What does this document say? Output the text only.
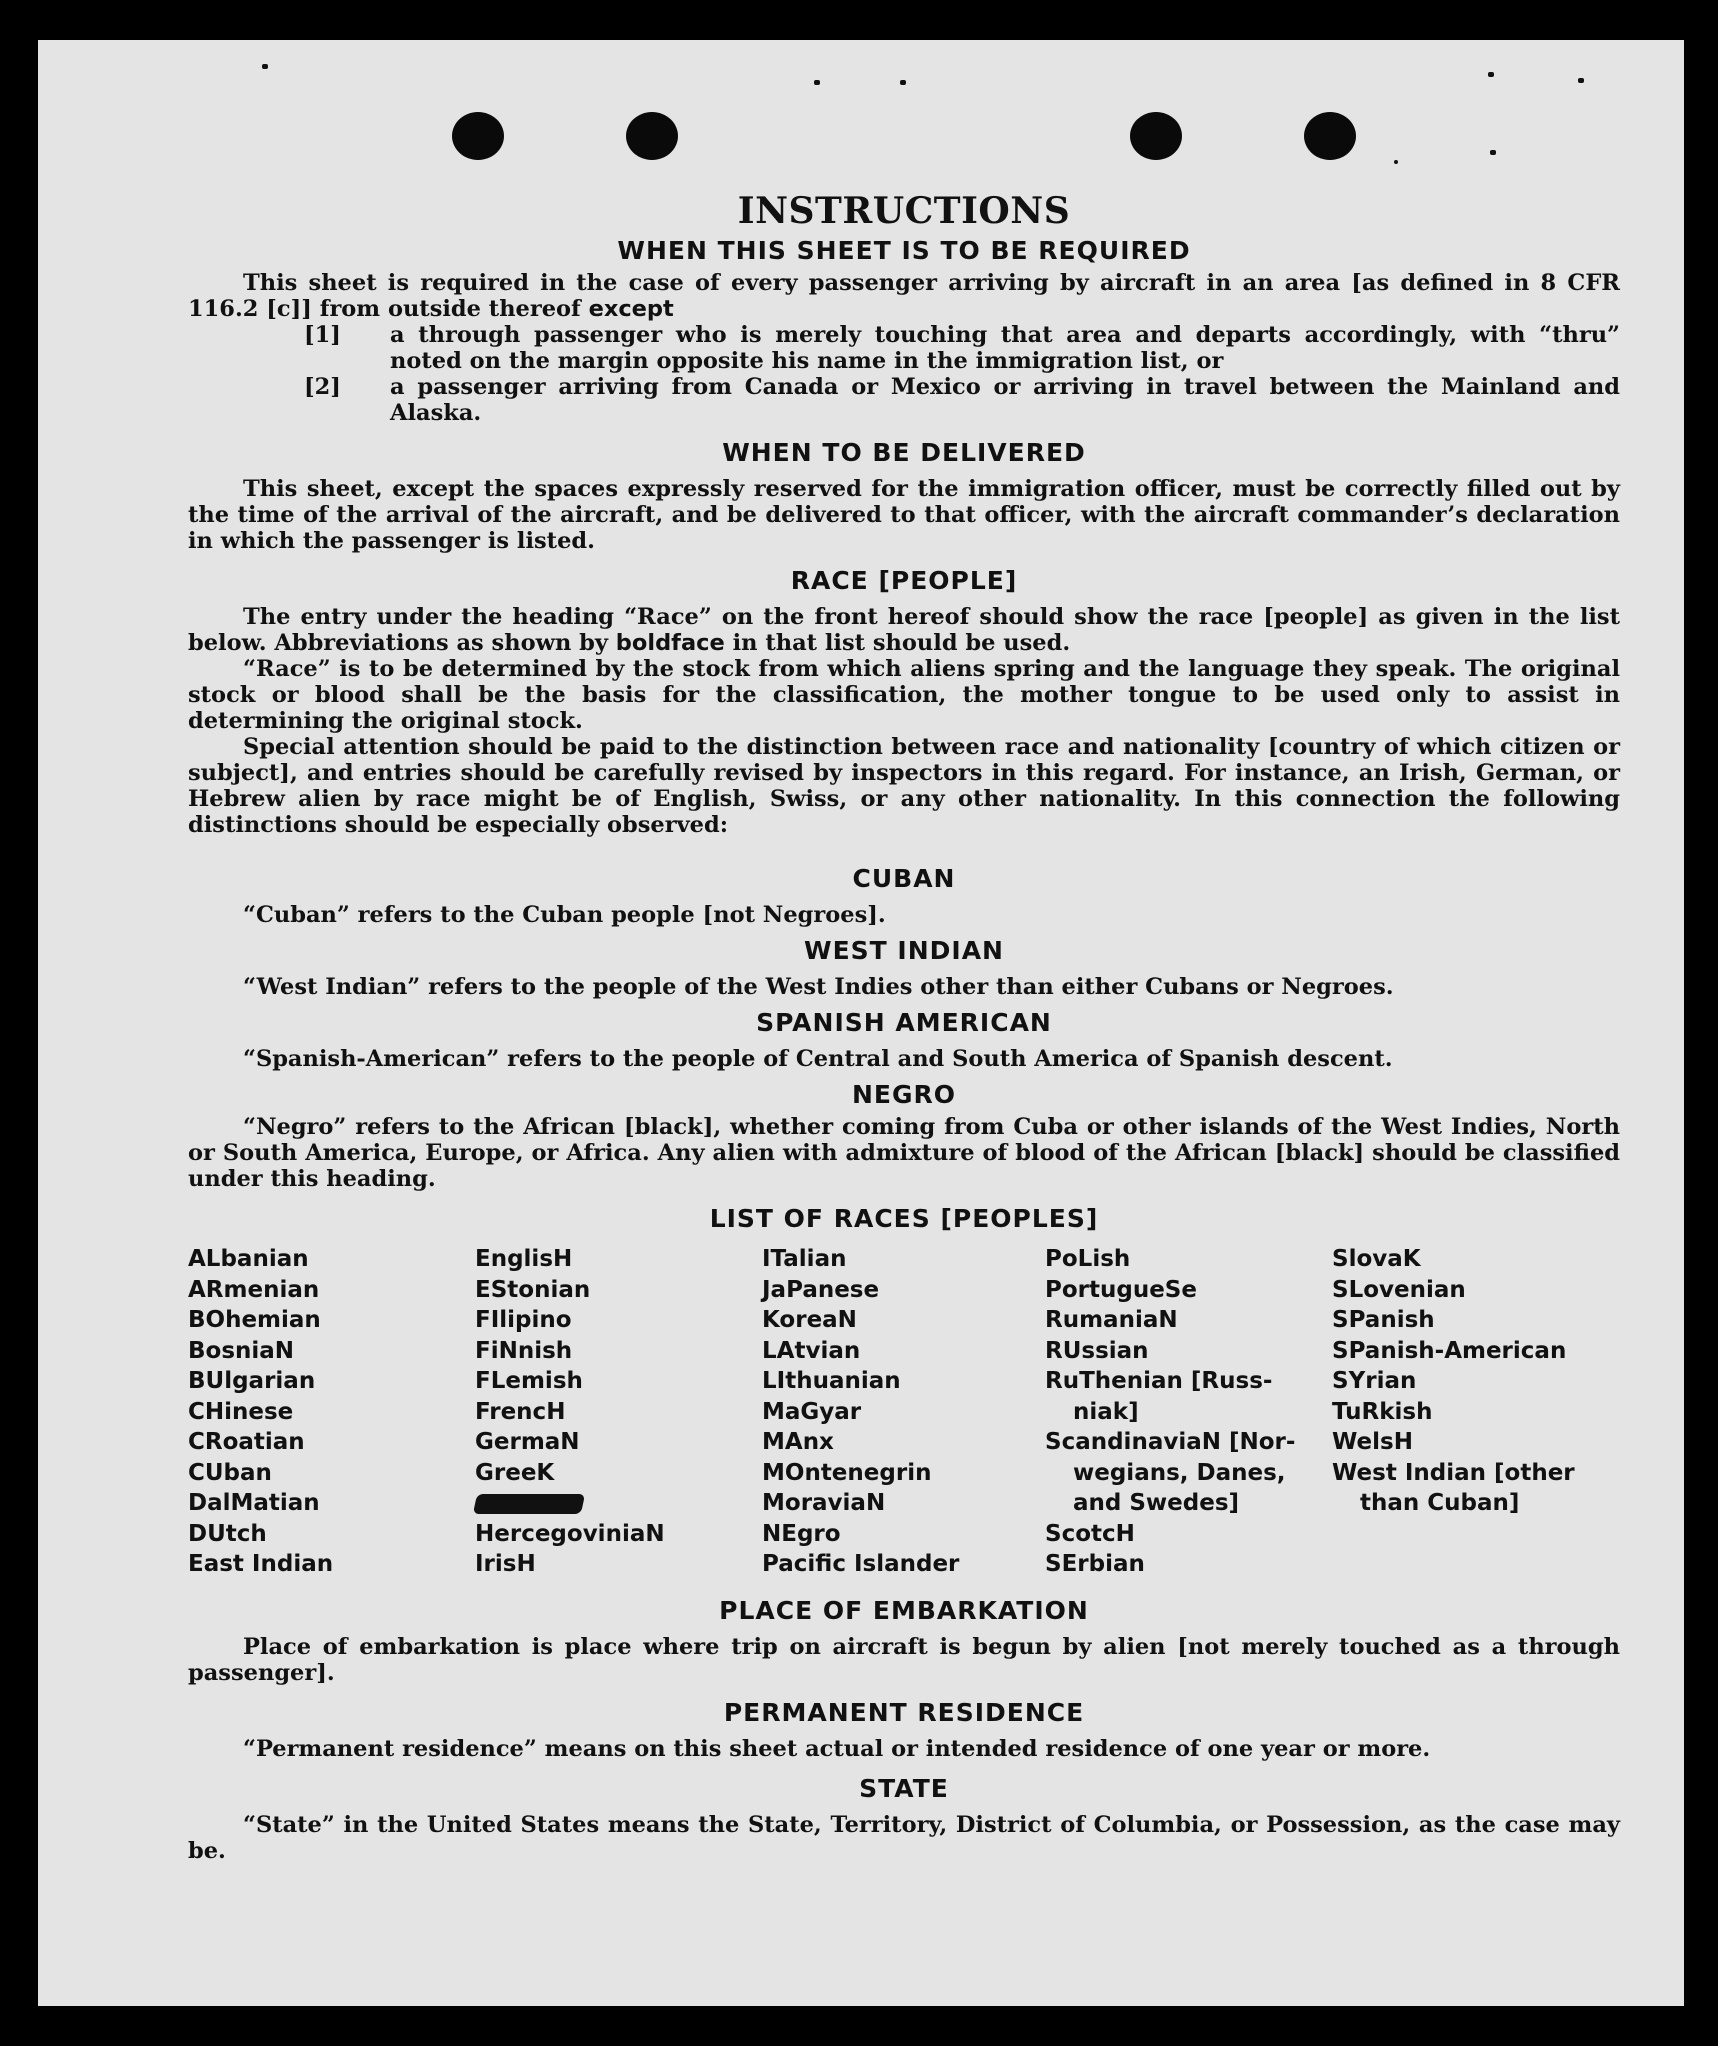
INSTRUCTIONS
WHEN THIS SHEET IS TO BE REQUIRED

This sheet is required in the case of every passenger arriving by aircraft in an area [as defined in 8 CFR 116.2 [c]] from outside thereof except

[1]	a through passenger who is merely touching that area and departs accordingly, with “thru” noted on the margin opposite his name in the immigration list, or
[2]	a passenger arriving from Canada or Mexico or arriving in travel between the Mainland and Alaska.
WHEN TO BE DELIVERED

This sheet, except the spaces expressly reserved for the immigration officer, must be correctly filled out by the time of the arrival of the aircraft, and be delivered to that officer, with the aircraft commander’s declaration in which the passenger is listed.

RACE [PEOPLE]

The entry under the heading “Race” on the front hereof should show the race [people] as given in the list below. Abbreviations as shown by boldface in that list should be used.

“Race” is to be determined by the stock from which aliens spring and the language they speak. The original stock or blood shall be the basis for the classification, the mother tongue to be used only to assist in determining the original stock.

Special attention should be paid to the distinction between race and nationality [country of which citizen or subject], and entries should be carefully revised by inspectors in this regard. For instance, an Irish, German, or Hebrew alien by race might be of English, Swiss, or any other nationality. In this connection the following distinctions should be especially observed:

CUBAN

“Cuban” refers to the Cuban people [not Negroes].

WEST INDIAN

“West Indian” refers to the people of the West Indies other than either Cubans or Negroes.

SPANISH AMERICAN

“Spanish-American” refers to the people of Central and South America of Spanish descent.

NEGRO

“Negro” refers to the African [black], whether coming from Cuba or other islands of the West Indies, North or South America, Europe, or Africa. Any alien with admixture of blood of the African [black] should be classified under this heading.

LIST OF RACES [PEOPLES]
ALbanian
ARmenian
BOhemian
BosniaN
BUlgarian
CHinese
CRoatian
CUban
DalMatian
DUtch
East Indian
EnglisH
EStonian
FIlipino
FiNnish
FLemish
FrencH
GermaN
GreeK
HercegoviniaN
IrisH
ITalian
JaPanese
KoreaN
LAtvian
LIthuanian
MaGyar
MAnx
MOntenegrin
MoraviaN
NEgro
Pacific Islander
PoLish
PortugueSe
RumaniaN
RUssian
RuThenian [Russ-
niak]
ScandinaviaN [Nor-
wegians, Danes,
and Swedes]
ScotcH
SErbian
SlovaK
SLovenian
SPanish
SPanish-American
SYrian
TuRkish
WelsH
West Indian [other
than Cuban]
PLACE OF EMBARKATION

Place of embarkation is place where trip on aircraft is begun by alien [not merely touched as a through passenger].

PERMANENT RESIDENCE

“Permanent residence” means on this sheet actual or intended residence of one year or more.

STATE

“State” in the United States means the State, Territory, District of Columbia, or Possession, as the case may be.
